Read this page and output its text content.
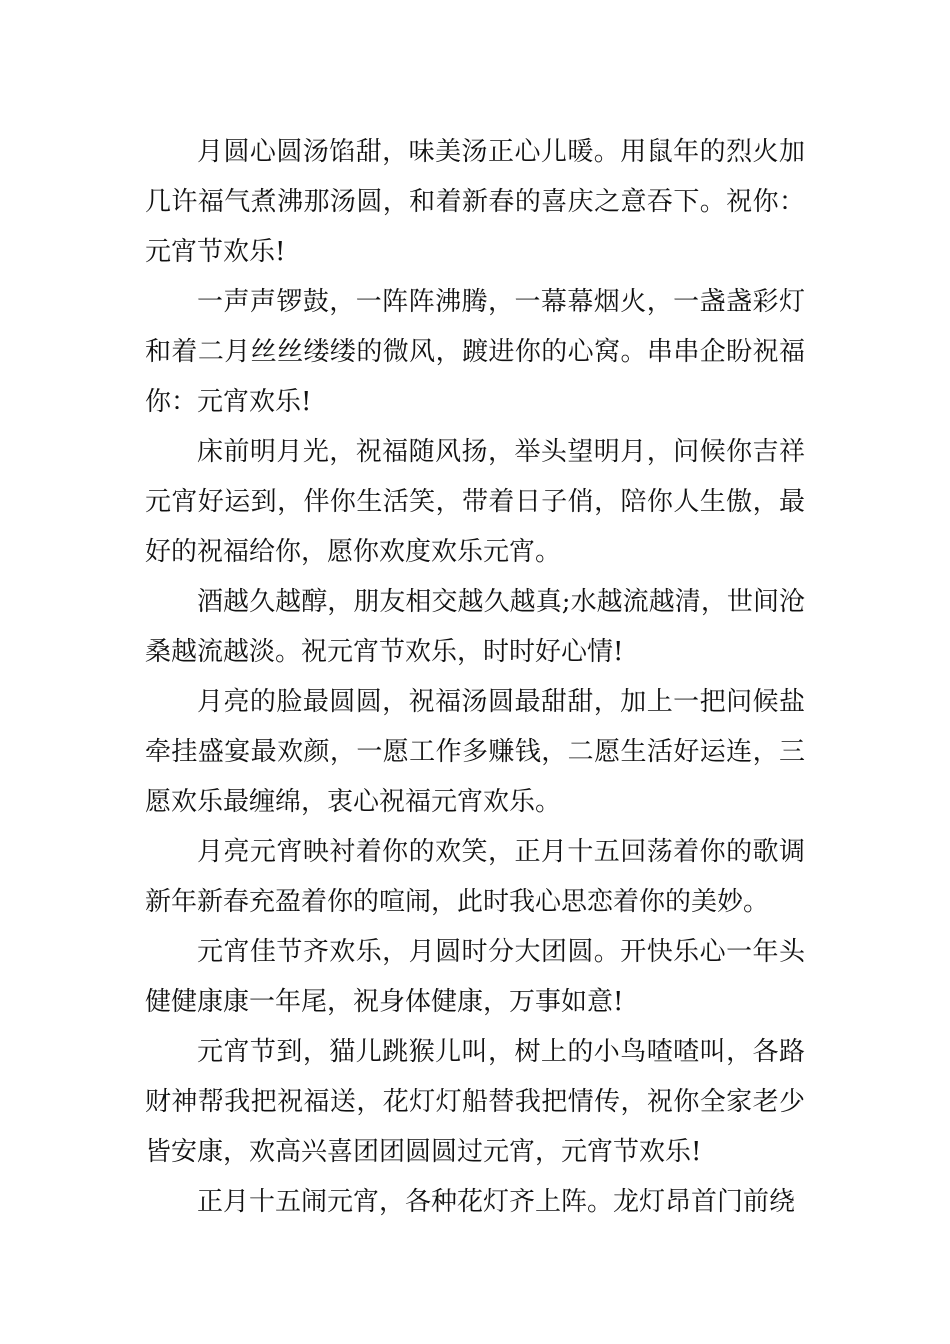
月圆心圆汤馅甜，味美汤正心儿暖。用鼠年的烈火加几许福气煮沸那汤圆，和着新春的喜庆之意吞下。祝你：元宵节欢乐!

一声声锣鼓，一阵阵沸腾，一幕幕烟火，一盏盏彩灯和着二月丝丝缕缕的微风，踱进你的心窝。串串企盼祝福你：元宵欢乐!

床前明月光，祝福随风扬，举头望明月，问候你吉祥元宵好运到，伴你生活笑，带着日子俏，陪你人生傲，最好的祝福给你，愿你欢度欢乐元宵。

酒越久越醇，朋友相交越久越真;水越流越清，世间沧桑越流越淡。祝元宵节欢乐，时时好心情!

月亮的脸最圆圆，祝福汤圆最甜甜，加上一把问候盐牵挂盛宴最欢颜，一愿工作多赚钱，二愿生活好运连，三愿欢乐最缠绵，衷心祝福元宵欢乐。

月亮元宵映衬着你的欢笑，正月十五回荡着你的歌调新年新春充盈着你的喧闹，此时我心思恋着你的美妙。

元宵佳节齐欢乐，月圆时分大团圆。开快乐心一年头健健康康一年尾，祝身体健康，万事如意!

元宵节到，猫儿跳猴儿叫，树上的小鸟喳喳叫，各路财神帮我把祝福送，花灯灯船替我把情传，祝你全家老少皆安康，欢高兴喜团团圆圆过元宵，元宵节欢乐!

正月十五闹元宵，各种花灯齐上阵。龙灯昂首门前绕
